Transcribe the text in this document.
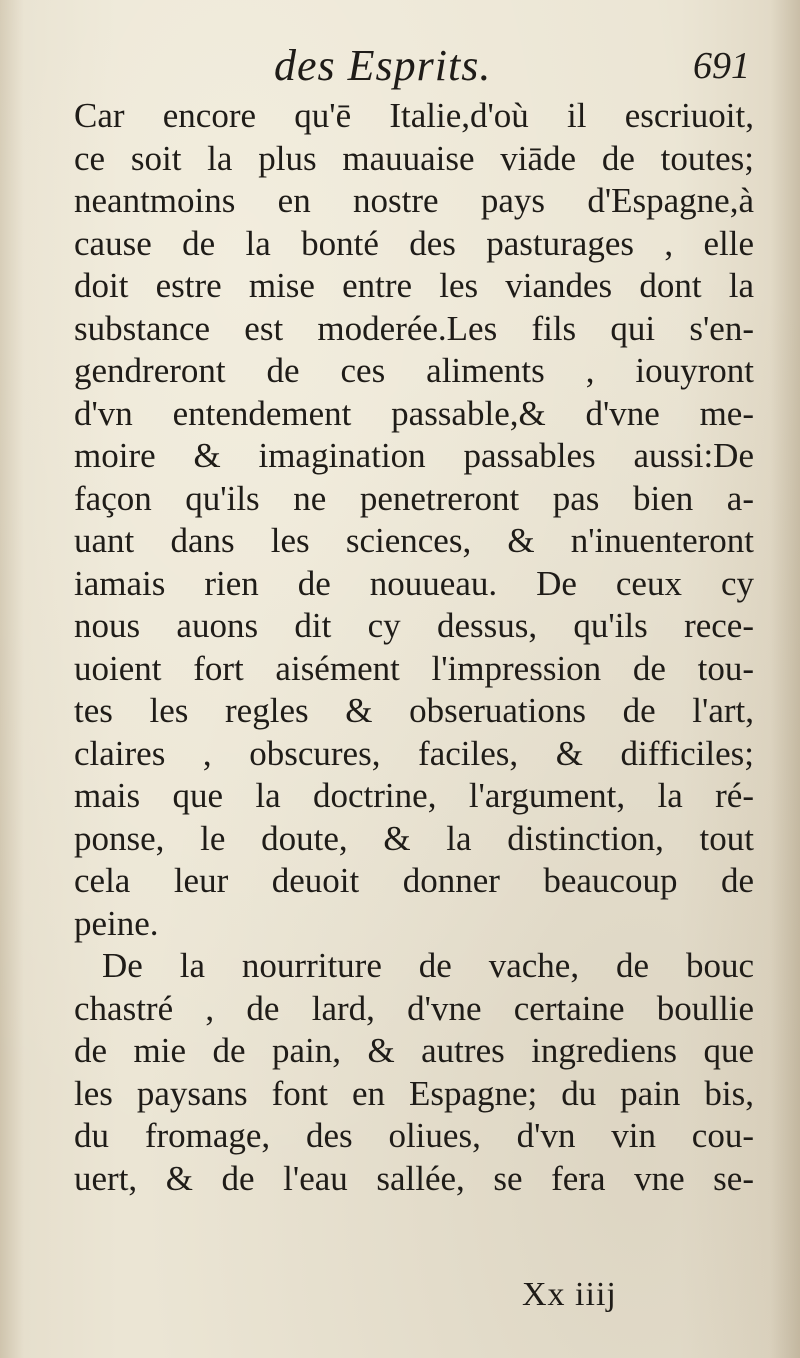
des Esprits.	691
Car encore qu'ē Italie,d'où il escriuoit,
ce soit la plus mauuaise viāde de toutes;
neantmoins en nostre pays d'Espagne,à
cause de la bonté des pasturages , elle
doit estre mise entre les viandes dont la
substance est moderée.Les fils qui s'en-
gendreront de ces aliments , iouyront
d'vn entendement passable,& d'vne me-
moire & imagination passables aussi:De
façon qu'ils ne penetreront pas bien a-
uant dans les sciences, & n'inuenteront
iamais rien de nouueau. De ceux cy
nous auons dit cy dessus, qu'ils rece-
uoient fort aisément l'impression de tou-
tes les regles & obseruations de l'art,
claires , obscures, faciles, & difficiles;
mais que la doctrine, l'argument, la ré-
ponse, le doute, & la distinction, tout
cela leur deuoit donner beaucoup de
peine.
De la nourriture de vache, de bouc
chastré , de lard, d'vne certaine boullie
de mie de pain, & autres ingrediens que
les paysans font en Espagne; du pain bis,
du fromage, des oliues, d'vn vin cou-
uert, & de l'eau sallée, se fera vne se-
Xx iiij
